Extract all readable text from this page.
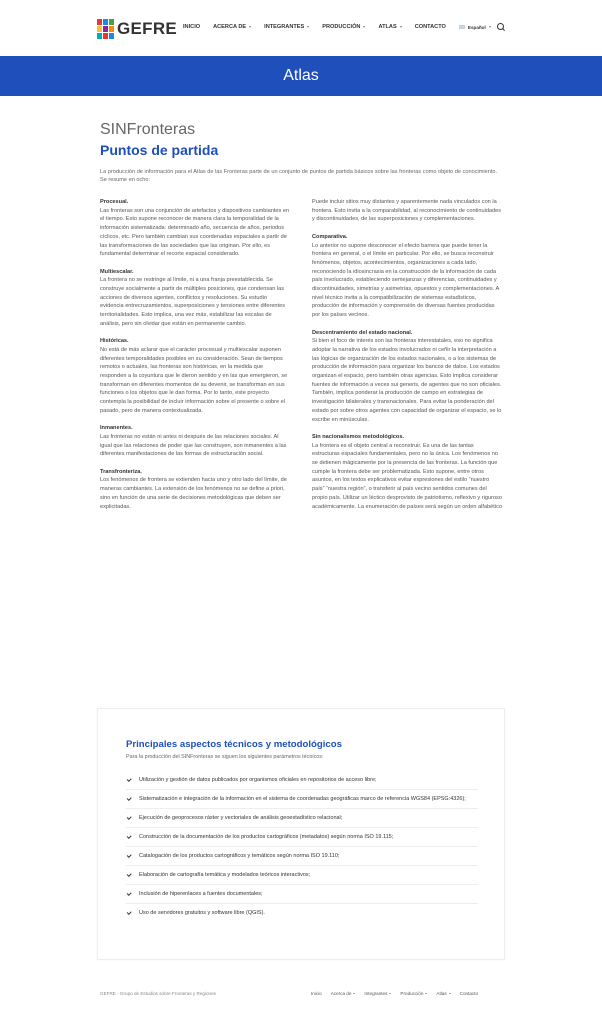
GEFRE INICIO ACERCA DE	INTEGRANTES	PRODUCCIÓN	ATLAS	CONTACTO	Español
Atlas
SINFronteras
Puntos de partida

La producción de información para el Atlas de las Fronteras parte de un conjunto de puntos de partida básicos sobre las fronteras como objeto de conocimiento. Se resume en ocho:

Procesual.
Las fronteras son una conjunción de artefactos y dispositivos cambiantes en el tiempo. Esto supone reconocer de manera clara la temporalidad de la información sistematizada: determinado año, secuencia de años, periodos cíclicos, etc. Pero también cambian sus coordenadas espaciales a partir de las transformaciones de las sociedades que las originan. Por ello, es fundamental determinar el recorte espacial considerado.
Multiescalar.
La frontera no se restringe al límite, ni a una franja preestablecida. Se construye socialmente a partir de múltiples posiciones, que condensan las acciones de diversos agentes, conflictos y resoluciones. Su estudio evidencia entrecruzamientos, superposiciones y tensiones entre diferentes territorialidades. Esto implica, una vez más, estabilizar las escalas de análisis, pero sin olvidar que están en permanente cambio.
Históricas.
No está de más aclarar que el carácter procesual y multiescalar suponen diferentes temporalidades posibles en su consideración. Sean de tiempos remotos o actuales, las fronteras son históricas, en la medida que responden a la coyuntura que le dieron sentido y en las que emergieron, se transforman en diferentes momentos de su devenir, se transforman en sus funciones o los objetos que le dan forma. Por lo tanto, este proyecto contempla la posibilidad de incluir información sobre el presente o sobre el pasado, pero de manera contextualizada.
Inmanentes.
Las fronteras no están ni antes ni después de las relaciones sociales. Al igual que las relaciones de poder que las construyen, son inmanentes a las diferentes manifestaciones de las formas de estructuración social.
Transfronteriza.
Los fenómenos de frontera se extienden hacia uno y otro lado del límite, de maneras cambiantes. La extensión de los fenómenos no se define a priori, sino en función de una serie de decisiones metodológicas que deben ser explicitadas.
Puede incluir sitios muy distantes y aparentemente nada vinculados con la frontera. Esto invita a la comparabilidad, al reconocimiento de continuidades y discontinuidades, de las superposiciones y complementaciones.
Comparativa.
Lo anterior no supone desconocer el efecto barrera que puede tener la frontera en general, o el límite en particular. Por ello, se busca reconstruir fenómenos, objetos, acontecimientos, organizaciones a cada lado, reconociendo la idiosincrasia en la construcción de la información de cada país involucrado, estableciendo semejanzas y diferencias, continuidades y discontinuidades, simetrías y asimetrías, opuestos y complementaciones. A nivel técnico invita a la compatibilización de sistemas estadísticos, producción de información y comprensión de diversas fuentes producidas por los países vecinos.
Descentramiento del estado nacional.
Si bien el foco de interés son las fronteras interestatales, eso no significa adoptar la narrativa de los estados involucrados ni ceñir la interpretación a las lógicas de organización de los estados nacionales, o a los sistemas de producción de información para organizar los bancos de datos. Los estados organizan el espacio, pero también otras agencias. Esto implica considerar fuentes de información a veces sui generis, de agentes que no son oficiales. También, implica ponderar la producción de campo en estrategias de investigación bilaterales y transnacionales. Para evitar la ponderación del estado por sobre otros agentes con capacidad de organizar el espacio, se lo escribe en minúsculas.
Sin nacionalismos metodológicos.
La frontera es el objeto central a reconstruir. Es una de las tantas estructuras espaciales fundamentales, pero no la única. Los fenómenos no se detienen mágicamente por la presencia de las fronteras. La función que cumple la frontera debe ser problematizada. Esto supone, entre otros asuntos, en los textos explicativos evitar expresiones del estilo “nuestro país” “nuestra región”, o transferir al país vecino sentidos comunes del propio país. Utilizar un léctico desprovisto de patriotismo, reflexivo y riguroso académicamente. La enumeración de países será según un orden alfabético
Principales aspectos técnicos y metodológicos
Para la producción del SINFronteras se siguen los siguientes parámetros técnicos:
Utilización y gestión de datos publicados por organismos oficiales en repositorios de acceso libre;
Sistematización e integración de la información en el sistema de coordenadas geográficas marco de referencia WGS84 (EPSG:4326);
Ejecución de geoprocesos ráster y vectoriales de análisis geoestadístico relacional;
Construcción de la documentación de los productos cartográficos (metadatos) según norma ISO 19.115;
Catalogación de los productos cartográficos y temáticos según norma ISO 19.110;
Elaboración de cartografía temática y modelados teóricos interactivos;
Inclusión de hiperenlaces a fuentes documentales;
Uso de servidores gratuitos y software libre (QGIS).
GEFRE - Grupo de Estudios sobre Fronteras y Regiones	Inicio Acerca de	Integrantes	Producción	Atlas	Contacto
